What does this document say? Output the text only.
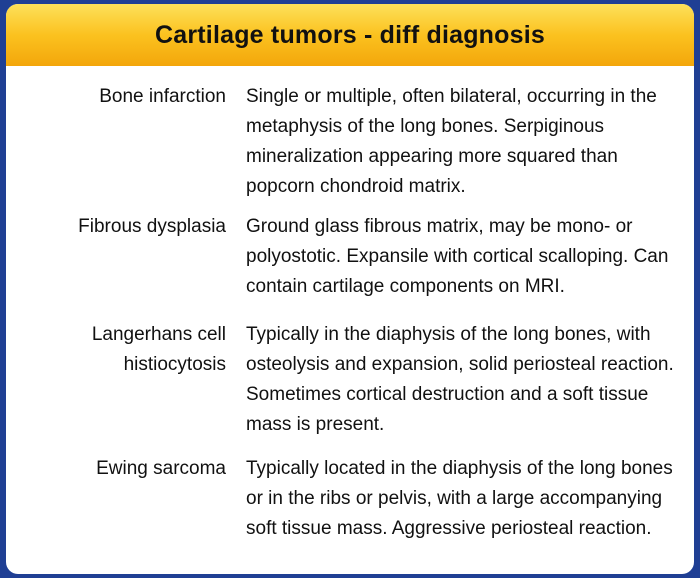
Cartilage tumors - diff diagnosis
Bone infarction Single or multiple, often bilateral, occurring in the metaphysis of the long bones. Serpiginous mineralization appearing more squared than popcorn chondroid matrix.
Fibrous dysplasia Ground glass fibrous matrix, may be mono- or polyostotic. Expansile with cortical scalloping. Can contain cartilage components on MRI.
Langerhans cell histiocytosis
Typically in the diaphysis of the long bones, with osteolysis and expansion, solid periosteal reaction. Sometimes cortical destruction and a soft tissue mass is present.
Ewing sarcoma Typically located in the diaphysis of the long bones or in the ribs or pelvis, with a large accompanying soft tissue mass. Aggressive periosteal reaction.
